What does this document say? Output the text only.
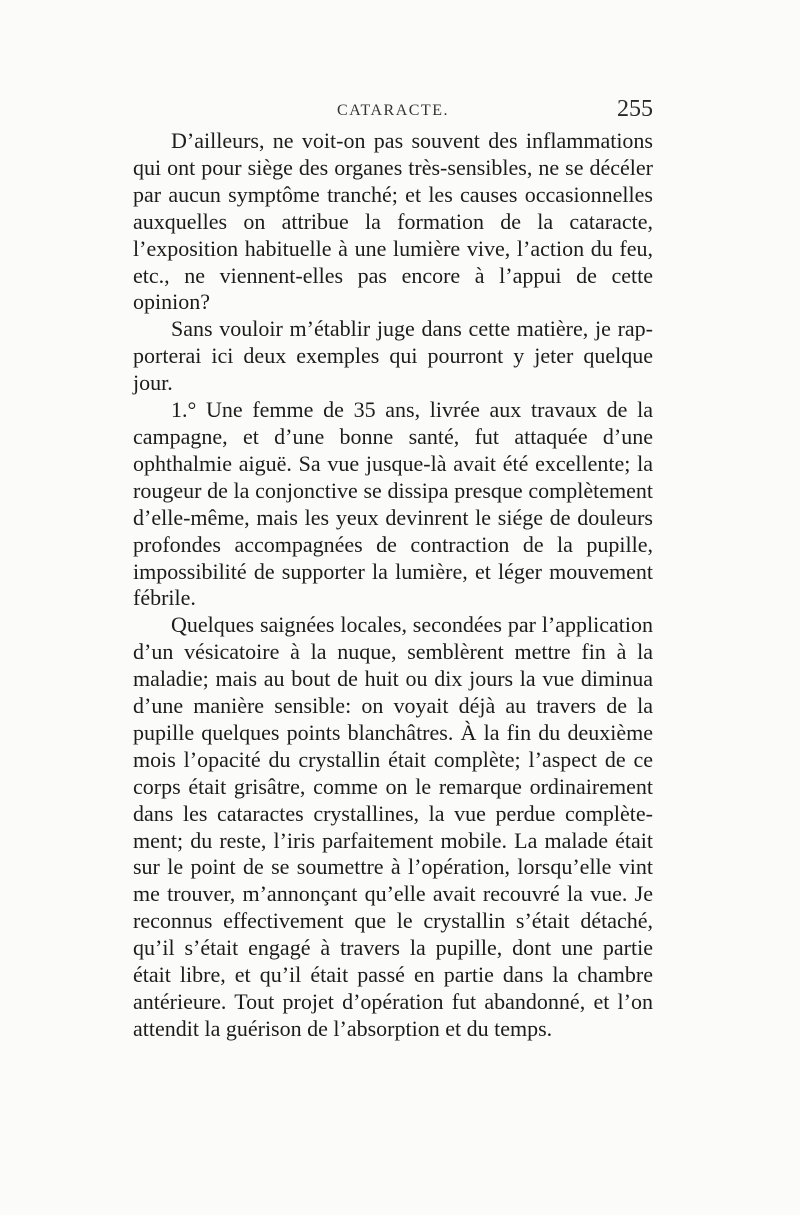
CATARACTE.	255

D’ailleurs, ne voit-on pas souvent des inflammations qui ont pour siège des organes très-sensibles, ne se décéler par aucun symptôme tranché; et les causes occasionnelles auxquelles on attribue la formation de la cataracte, l’exposition habituelle à une lumière vive, l’action du feu, etc., ne viennent-elles pas encore à l’appui de cette opinion?

Sans vouloir m’établir juge dans cette matière, je rapporterai ici deux exemples qui pourront y jeter quelque jour.

1.° Une femme de 35 ans, livrée aux travaux de la campagne, et d’une bonne santé, fut attaquée d’une ophthalmie aiguë. Sa vue jusque-là avait été excellente; la rougeur de la conjonctive se dissipa presque complètement d’elle-même, mais les yeux devinrent le siége de douleurs profondes accompagnées de contraction de la pupille, impossibilité de supporter la lumière, et léger mouvement fébrile.

Quelques saignées locales, secondées par l’application d’un vésicatoire à la nuque, semblèrent mettre fin à la maladie; mais au bout de huit ou dix jours la vue diminua d’une manière sensible: on voyait déjà au travers de la pupille quelques points blanchâtres. À la fin du deuxième mois l’opacité du crystallin était complète; l’aspect de ce corps était grisâtre, comme on le remarque ordinairement dans les cataractes crystallines, la vue perdue complètement; du reste, l’iris parfaitement mobile. La malade était sur le point de se soumettre à l’opération, lorsqu’elle vint me trouver, m’annonçant qu’elle avait recouvré la vue. Je reconnus effectivement que le crystallin s’était détaché, qu’il s’était engagé à travers la pupille, dont une partie était libre, et qu’il était passé en partie dans la chambre antérieure. Tout projet d’opération fut abandonné, et l’on attendit la guérison de l’absorption et du temps.
